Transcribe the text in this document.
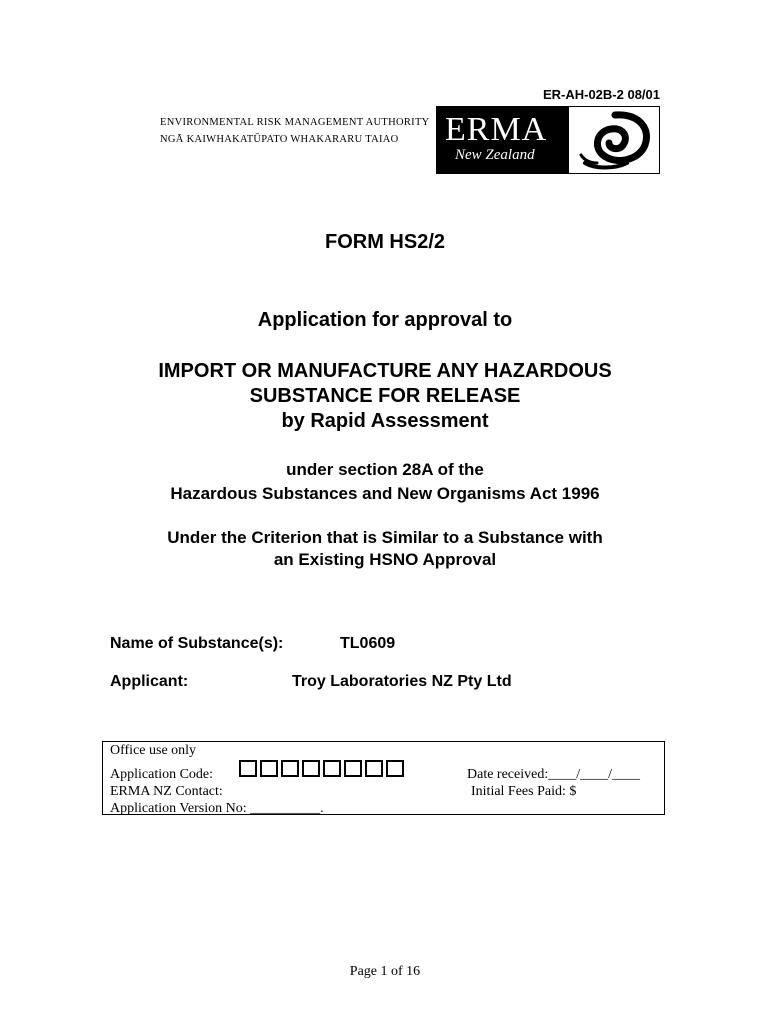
ER-AH-02B-2 08/01
ENVIRONMENTAL RISK MANAGEMENT AUTHORITY
NGĀ KAIWHAKATŪPATO WHAKARARU TAIAO ERMA
New Zealand
FORM HS2/2
Application for approval to
IMPORT OR MANUFACTURE ANY HAZARDOUS
SUBSTANCE FOR RELEASE
by Rapid Assessment
under section 28A of the
Hazardous Substances and New Organisms Act 1996
Under the Criterion that is Similar to a Substance with
an Existing HSNO Approval
Name of Substance(s):	TL0609
Applicant:	Troy Laboratories NZ Pty Ltd
Office use only
Application Code:	Date received:____/____/____
ERMA NZ Contact:	Initial Fees Paid: $
Application Version No: __________.
Page 1 of 16
